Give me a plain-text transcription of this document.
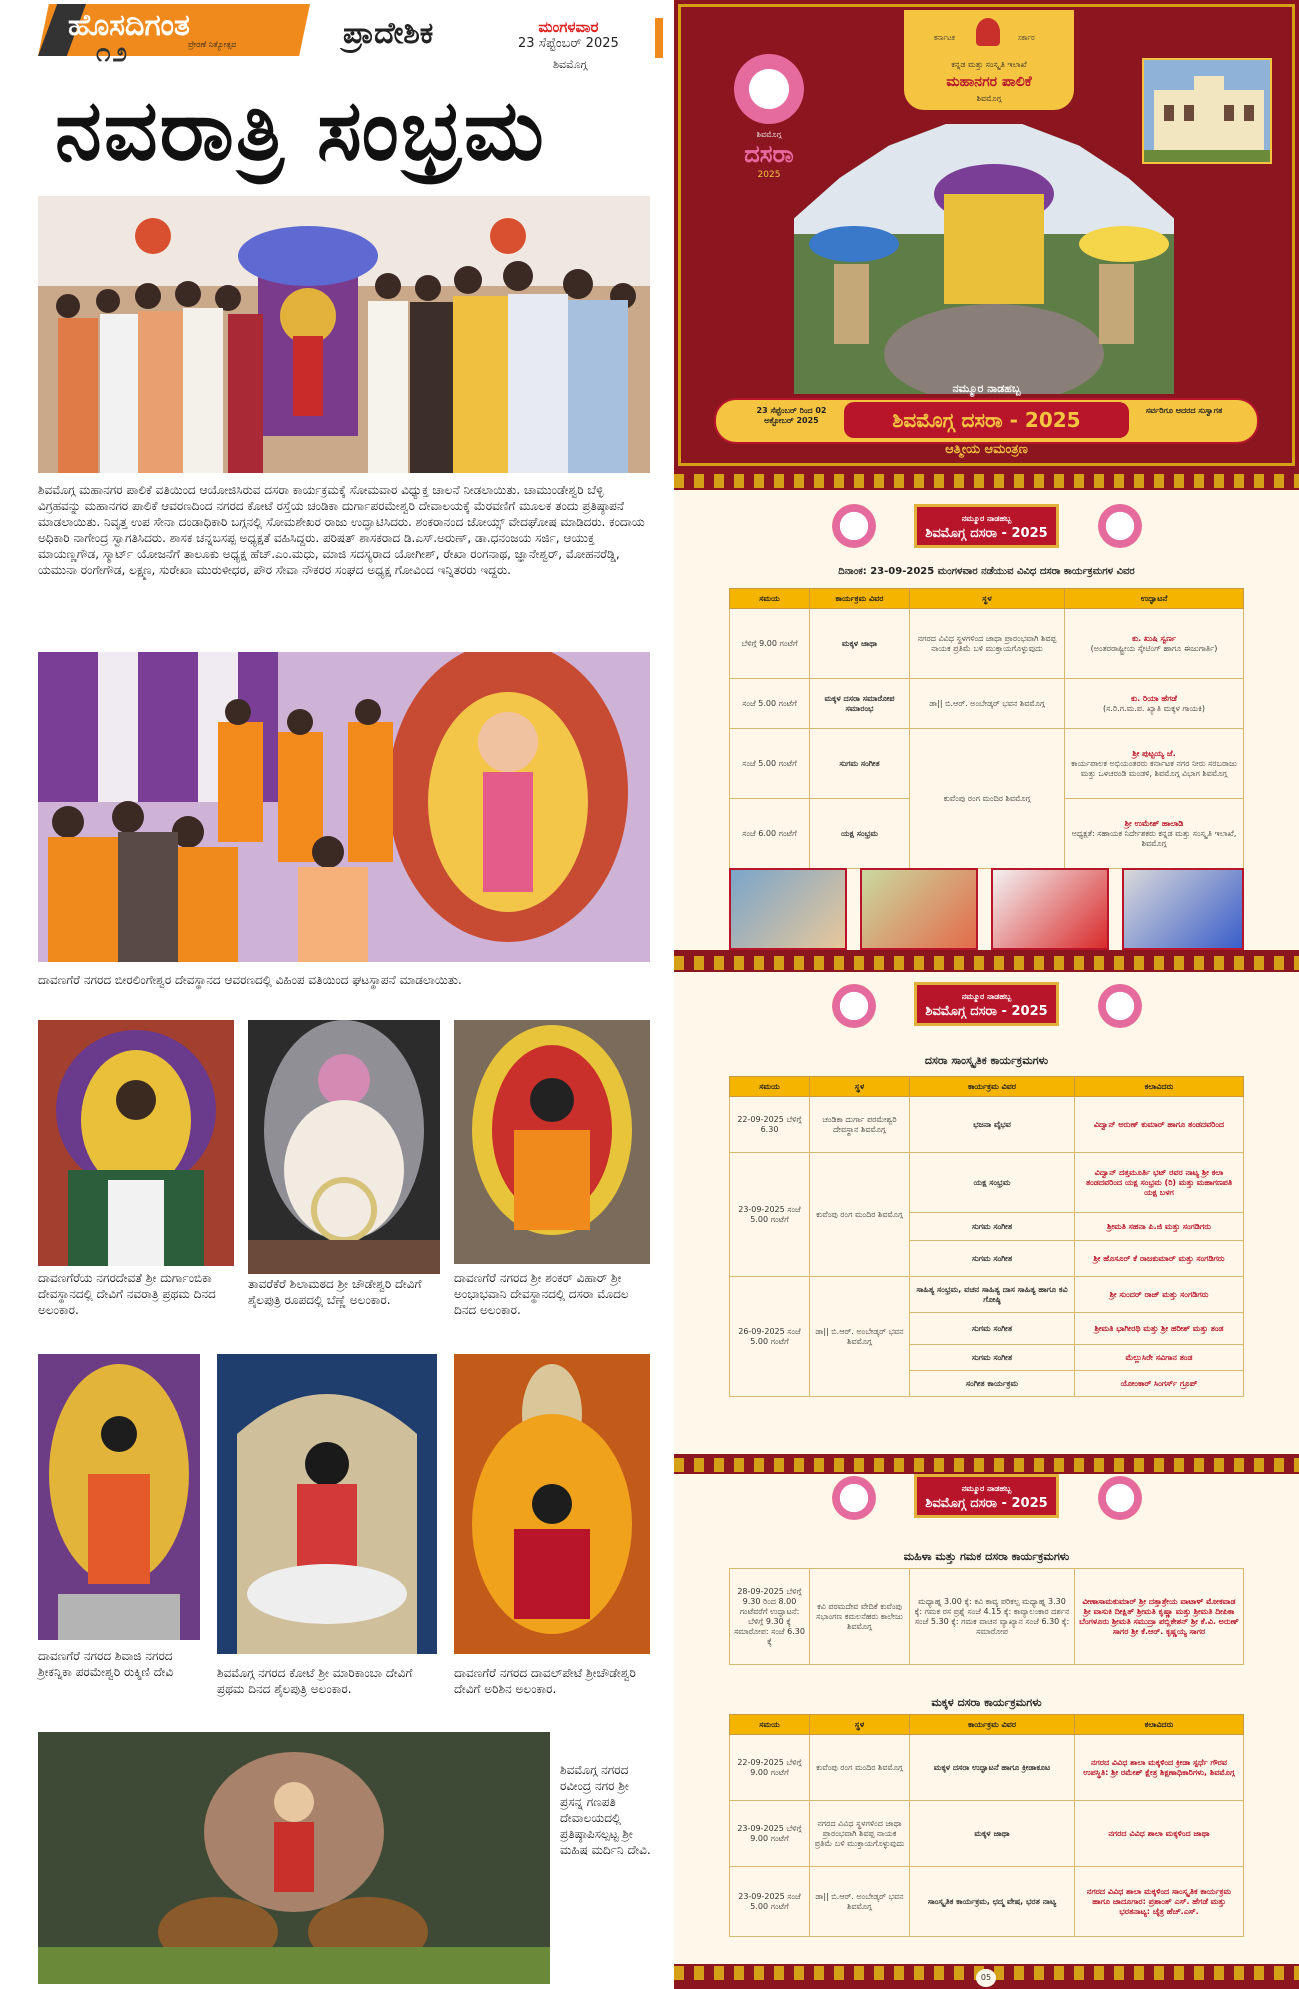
ಹೊಸದಿಗಂತ
ಪ್ರೇರಣೆ ನಿತ್ಯೋತ್ಸವ
೧೨
ಪ್ರಾದೇಶಿಕ	ಮಂಗಳವಾರ
23 ಸೆಪ್ಟೆಂಬರ್ 2025
ಶಿವಮೊಗ್ಗ
ನವರಾತ್ರಿ ಸಂಭ್ರಮ
ಶಿವಮೊಗ್ಗ ಮಹಾನಗರ ಪಾಲಿಕೆ ವತಿಯಿಂದ ಆಯೋಜಿಸಿರುವ ದಸರಾ ಕಾರ್ಯಕ್ರಮಕ್ಕೆ ಸೋಮವಾರ ವಿಧ್ಯುಕ್ತ ಚಾಲನೆ ನೀಡಲಾಯಿತು. ಚಾಮುಂಡೇಶ್ವರಿ ಬೆಳ್ಳಿ ವಿಗ್ರಹವನ್ನು ಮಹಾನಗರ ಪಾಲಿಕೆ ಆವರಣದಿಂದ ನಗರದ ಕೋಟೆ ರಸ್ತೆಯ ಚಂಡಿಕಾ ದುರ್ಗಾಪರಮೇಶ್ವರಿ ದೇವಾಲಯಕ್ಕೆ ಮೆರವಣಿಗೆ ಮೂಲಕ ತಂದು ಪ್ರತಿಷ್ಠಾಪನೆ ಮಾಡಲಾಯಿತು. ನಿವೃತ್ತ ಉಪ ಸೇನಾ ದಂಡಾಧಿಕಾರಿ ಬಗ್ಗನಲ್ಲಿ ಸೋಮಶೇಖರ ರಾಜು ಉದ್ಘಾಟಿಸಿದರು. ಶಂಕರಾನಂದ ಜೋಯ್ಸ್ ವೇದಘೋಷ ಮಾಡಿದರು. ಕಂದಾಯ ಅಧಿಕಾರಿ ನಾಗೇಂದ್ರ ಸ್ವಾಗತಿಸಿದರು. ಶಾಸಕ ಚನ್ನಬಸಪ್ಪ ಅಧ್ಯಕ್ಷತೆ ವಹಿಸಿದ್ದರು. ಪರಿಷತ್ ಶಾಸಕರಾದ ಡಿ.ಎಸ್.ಅರುಣ್, ಡಾ.ಧನಂಜಯ ಸರ್ಜಿ, ಆಯುಕ್ತ ಮಾಯಣ್ಣಗೌಡ, ಸ್ಮಾರ್ಟ್ ಯೋಜನೆಗೆ ತಾಲೂಕು ಅಧ್ಯಕ್ಷ ಹೆಚ್.ಎಂ.ಮಧು, ಮಾಜಿ ಸದಸ್ಯರಾದ ಯೋಗೀಶ್, ರೇಖಾ ರಂಗನಾಥ, ಜ್ಞಾನೇಶ್ವರ್, ಮೋಹನರೆಡ್ಡಿ, ಯಮುನಾ ರಂಗೇಗೌಡ, ಲಕ್ಷ್ಮಣ, ಸುರೇಖಾ ಮುರುಳೀಧರ, ಪೌರ ಸೇವಾ ನೌಕರರ ಸಂಘದ ಅಧ್ಯಕ್ಷ ಗೋವಿಂದ ಇನ್ನಿತರರು ಇದ್ದರು.
ದಾವಣಗೆರೆ ನಗರದ ಬೀರಲಿಂಗೇಶ್ವರ ದೇವಸ್ಥಾನದ ಆವರಣದಲ್ಲಿ ವಿಹಿಂಪ ವತಿಯಿಂದ ಘಟಸ್ಥಾಪನೆ ಮಾಡಲಾಯಿತು.
ದಾವಣಗೆರೆಯ ನಗರದೇವತೆ ಶ್ರೀ ದುರ್ಗಾಂಬಿಕಾ ದೇವಸ್ಥಾನದಲ್ಲಿ ದೇವಿಗೆ ನವರಾತ್ರಿ ಪ್ರಥಮ ದಿನದ ಅಲಂಕಾರ.
ತಾವರೆಕೆರೆ ಶಿಲಾಮಠದ ಶ್ರೀ ಚೌಡೇಶ್ವರಿ ದೇವಿಗೆ ಶೈಲಪುತ್ರಿ ರೂಪದಲ್ಲಿ ಬೆಣ್ಣೆ ಅಲಂಕಾರ.
ದಾವಣಗೆರೆ ನಗರದ ಶ್ರೀ ಶಂಕರ್ ವಿಹಾರ್ ಶ್ರೀ ಅಂಭಾಭವಾನಿ ದೇವಸ್ಥಾನದಲ್ಲಿ ದಸರಾ ಮೊದಲ ದಿನದ ಅಲಂಕಾರ.
ದಾವಣಗೆರೆ ನಗರದ ಶಿವಾಜಿ ನಗರದ ಶ್ರೀಕನ್ನಿಕಾ ಪರಮೇಶ್ವರಿ ರುಕ್ಮಿಣಿ ದೇವಿ	ಶಿವಮೊಗ್ಗ ನಗರದ ಕೋಟೆ ಶ್ರೀ ಮಾರಿಕಾಂಬಾ ದೇವಿಗೆ ಪ್ರಥಮ ದಿನದ ಶೈಲಪುತ್ರಿ ಅಲಂಕಾರ.
ದಾವಣಗೆರೆ ನಗರದ ದಾವಲ್‌ಪೇಟೆ ಶ್ರೀಚೌಡೇಶ್ವರಿ ದೇವಿಗೆ ಅರಿಶಿನ ಅಲಂಕಾರ.
ಶಿವಮೊಗ್ಗ ನಗರದ ರವೀಂದ್ರ ನಗರ ಶ್ರೀ ಪ್ರಸನ್ನ ಗಣಪತಿ ದೇವಾಲಯದಲ್ಲಿ ಪ್ರತಿಷ್ಠಾಪಿಸಲ್ಪಟ್ಟ ಶ್ರೀ ಮಹಿಷ ಮರ್ದಿನಿ ದೇವಿ.
ಕರ್ನಾಟಕ	ಸರ್ಕಾರ
ಕನ್ನಡ ಮತ್ತು ಸಂಸ್ಕೃತಿ ಇಲಾಖೆ
ಮಹಾನಗರ ಪಾಲಿಕೆ
ಶಿವಮೊಗ್ಗ
ಶಿವಮೊಗ್ಗ
ದಸರಾ
2025
ನಮ್ಮೂರ ನಾಡಹಬ್ಬ
ಶಿವಮೊಗ್ಗ ದಸರಾ - 2025
23 ಸೆಪ್ಟೆಂಬರ್ ರಿಂದ 02 ಅಕ್ಟೋಬರ್ 2025
ಸರ್ವರಿಗೂ ಆದರದ ಸುಸ್ವಾಗತ
ಆತ್ಮೀಯ ಆಮಂತ್ರಣ
ನಮ್ಮೂರ ನಾಡಹಬ್ಬ
ಶಿವಮೊಗ್ಗ ದಸರಾ - 2025
ದಿನಾಂಕ: 23-09-2025 ಮಂಗಳವಾರ ನಡೆಯುವ ವಿವಿಧ ದಸರಾ ಕಾರ್ಯಕ್ರಮಗಳ ವಿವರ
ಸಮಯ	ಕಾರ್ಯಕ್ರಮ ವಿವರ	ಸ್ಥಳ	ಉದ್ಘಾಟನೆ
ಬೆಳಿಗ್ಗೆ 9.00 ಗಂಟೆಗೆ	ಮಕ್ಕಳ ಜಾಥಾ	ನಗರದ ವಿವಿಧ ಸ್ಥಳಗಳಿಂದ ಜಾಥಾ ಪ್ರಾರಂಭವಾಗಿ ಶಿವಪ್ಪ ನಾಯಕ ಪ್ರತಿಮೆ ಬಳಿ ಮುಕ್ತಾಯಗೊಳ್ಳುವುದು	ಕು. ಖುಷಿ ಸ್ವರ್ಣ
(ಅಂತರರಾಷ್ಟ್ರೀಯ ಸ್ಕೇಟಿಂಗ್ ಹಾಗೂ ಈಜುಗಾರ್ತಿ)

ಸಂಜೆ 5.00 ಗಂಟೆಗೆ	ಮಕ್ಕಳ ದಸರಾ ಸಮಾರೋಪ ಸಮಾರಂಭ	ಡಾ|| ಬಿ.ಆರ್. ಅಂಬೇಡ್ಕರ್ ಭವನ ಶಿವಮೊಗ್ಗ	ಕು. ರಿಯಾ ಹೆಗಡೆ
(ಸ.ರಿ.ಗ.ಮ.ಪ. ಖ್ಯಾತಿ ಮಕ್ಕಳ ಗಾಯಕಿ)

ಸಂಜೆ 5.00 ಗಂಟೆಗೆ	ಸುಗಮ ಸಂಗೀತ	ಕುವೆಂಪು ರಂಗ ಮಂದಿರ ಶಿವಮೊಗ್ಗ	ಶ್ರೀ ಪುಟ್ಟಯ್ಯ ಜೆ.
ಕಾರ್ಯಪಾಲಕ ಅಭಿಯಂತರರು ಕರ್ನಾಟಕ ನಗರ ನೀರು ಸರಬರಾಜು ಮತ್ತು ಒಳಚರಂಡಿ ಮಂಡಳಿ, ಶಿವಮೊಗ್ಗ ವಿಭಾಗ ಶಿವಮೊಗ್ಗ

ಸಂಜೆ 6.00 ಗಂಟೆಗೆ	ಯಕ್ಷ ಸಂಭ್ರಮ		ಶ್ರೀ ಉಮೇಶ್ ಹಾಲಾಡಿ
ಅಧ್ಯಕ್ಷತೆ: ಸಹಾಯಕ ನಿರ್ದೇಶಕರು ಕನ್ನಡ ಮತ್ತು ಸಂಸ್ಕೃತಿ ಇಲಾಖೆ, ಶಿವಮೊಗ್ಗ
ನಮ್ಮೂರ ನಾಡಹಬ್ಬ
ಶಿವಮೊಗ್ಗ ದಸರಾ - 2025
ದಸರಾ ಸಾಂಸ್ಕೃತಿಕ ಕಾರ್ಯಕ್ರಮಗಳು
ಸಮಯ	ಸ್ಥಳ	ಕಾರ್ಯಕ್ರಮ ವಿವರ	ಕಲಾವಿದರು
22-09-2025 ಬೆಳಿಗ್ಗೆ 6.30	ಚಂಡಿಕಾ ದುರ್ಗಾ ಪರಮೇಶ್ವರಿ ದೇವಸ್ಥಾನ ಶಿವಮೊಗ್ಗ	ಭಜನಾ ವೈಭವ	ವಿದ್ವಾನ್ ಅರುಣ್ ಕುಮಾರ್ ಹಾಗೂ ತಂಡದವರಿಂದ
23-09-2025 ಸಂಜೆ 5.00 ಗಂಟೆಗೆ	ಕುವೆಂಪು ರಂಗ ಮಂದಿರ ಶಿವಮೊಗ್ಗ	ಯಕ್ಷ ಸಂಭ್ರಮ	ವಿದ್ವಾನ್ ದತ್ತಮೂರ್ತಿ ಭಟ್ ರವರ ನಾಟ್ಯ ಶ್ರೀ ಕಲಾ ತಂಡದವರಿಂದ ಯಕ್ಷ ಸಂಭ್ರಮ (ರಿ) ಮತ್ತು ಮಹಾಗಣಪತಿ ಯಕ್ಷ ಬಳಗ
		ಸುಗಮ ಸಂಗೀತ	ಶ್ರೀಮತಿ ಸಹನಾ ಪಿ.ಜಿ ಮತ್ತು ಸಂಗಡಿಗರು
		ಸುಗಮ ಸಂಗೀತ	ಶ್ರೀ ಹೊಸೂರ್ ಕೆ ರಾಜಕುಮಾರ್ ಮತ್ತು ಸಂಗಡಿಗರು
26-09-2025 ಸಂಜೆ 5.00 ಗಂಟೆಗೆ	ಡಾ|| ಬಿ.ಆರ್. ಅಂಬೇಡ್ಕರ್ ಭವನ ಶಿವಮೊಗ್ಗ	ಸಾಹಿತ್ಯ ಸಂಭ್ರಮ, ವಚನ ಸಾಹಿತ್ಯ ದಾಸ ಸಾಹಿತ್ಯ ಹಾಗೂ ಕವಿ ಗೋಷ್ಠಿ	ಶ್ರೀ ಸುಂದರ್ ರಾಜ್ ಮತ್ತು ಸಂಗಡಿಗರು
		ಸುಗಮ ಸಂಗೀತ	ಶ್ರೀಮತಿ ಭಾಗೀರಥಿ ಮತ್ತು ಶ್ರೀ ಹರೀಶ್ ಮತ್ತು ತಂಡ
		ಸುಗಮ ಸಂಗೀತ	ಮೆಲ್ಲುಸಿರೇ ಸವಿಗಾನ ತಂಡ
		ಸಂಗೀತ ಕಾರ್ಯಕ್ರಮ	ಯೋಂಕಾರ್ ಸಿಂಗರ್ಸ್ ಗ್ರೂಪ್
ನಮ್ಮೂರ ನಾಡಹಬ್ಬ
ಶಿವಮೊಗ್ಗ ದಸರಾ - 2025
ಮಹಿಳಾ ಮತ್ತು ಗಮಕ ದಸರಾ ಕಾರ್ಯಕ್ರಮಗಳು
28-09-2025 ಬೆಳಿಗ್ಗೆ 9.30 ರಿಂದ 8.00 ಗಂಟೆವರೆಗೆ ಉದ್ಘಾಟನೆ: ಬೆಳಿಗ್ಗೆ 9.30 ಕ್ಕೆ ಸಮಾರೋಪ: ಸಂಜೆ 6.30 ಕ್ಕೆ	ಕವಿ ಪರಮದೇವ ವೇದಿಕೆ ಕುವೆಂಪು ಸಭಾಂಗಣ ಕಮಲನೆಹರು ಕಾಲೇಜು ಶಿವಮೊಗ್ಗ	ಮಧ್ಯಾಹ್ನ 3.00 ಕ್ಕೆ: ಕವಿ ಕಾವ್ಯ ಪರಿಕಲ್ಪ ಮಧ್ಯಾಹ್ನ 3.30 ಕ್ಕೆ: ಗಮಕ ರಸ ಪ್ರಶ್ನೆ ಸಂಜೆ 4.15 ಕ್ಕೆ: ಕಾವ್ಯಾಲಂಕಾರ ದರ್ಶನ ಸಂಜೆ 5.30 ಕ್ಕೆ: ಗಮಕ ವಾಚನ ವ್ಯಾಖ್ಯಾನ ಸಂಜೆ 6.30 ಕ್ಕೆ: ಸಮಾರೋಪ	ವೀಣಾಸಾಮಕುಮಾರ್ ಶ್ರೀ ದತ್ತಾತ್ರೇಯ ವಾಟಾಳ್ ಮೋಕವಾಡ ಶ್ರೀ ವಾಸುಕಿ ದೀಕ್ಷಿತ್ ಶ್ರೀಮತಿ ಕೃಷ್ಣಾ ಮತ್ತು ಶ್ರೀಮತಿ ದೀಪಿಕಾ ಬೆಂಗಳೂರು ಶ್ರೀಮತಿ ಸಮುದ್ರಾ ಪಬ್ಲಿಕೇಶನ್ ಶ್ರೀ ಕೆ.ವಿ. ಅರುಣ್ ಸಾಗರ ಶ್ರೀ ಕೆ.ಆರ್. ಕೃಷ್ಣಯ್ಯ ಸಾಗರ
ಮಕ್ಕಳ ದಸರಾ ಕಾರ್ಯಕ್ರಮಗಳು
ಸಮಯ	ಸ್ಥಳ	ಕಾರ್ಯಕ್ರಮ ವಿವರ	ಕಲಾವಿದರು
22-09-2025 ಬೆಳಿಗ್ಗೆ 9.00 ಗಂಟೆಗೆ	ಕುವೆಂಪು ರಂಗ ಮಂದಿರ ಶಿವಮೊಗ್ಗ	ಮಕ್ಕಳ ದಸರಾ ಉದ್ಘಾಟನೆ ಹಾಗೂ ಕ್ರೀಡಾಕೂಟ	ನಗರದ ವಿವಿಧ ಶಾಲಾ ಮಕ್ಕಳಿಂದ ಕ್ರೀಡಾ ಸ್ಪರ್ಧೆ ಗೌರವ ಉಪಸ್ಥಿತಿ: ಶ್ರೀ ರಮೇಶ್ ಕ್ಷೇತ್ರ ಶಿಕ್ಷಣಾಧಿಕಾರಿಗಳು, ಶಿವಮೊಗ್ಗ
23-09-2025 ಬೆಳಿಗ್ಗೆ 9.00 ಗಂಟೆಗೆ	ನಗರದ ವಿವಿಧ ಸ್ಥಳಗಳಿಂದ ಜಾಥಾ ಪ್ರಾರಂಭವಾಗಿ ಶಿವಪ್ಪ ನಾಯಕ ಪ್ರತಿಮೆ ಬಳಿ ಮುಕ್ತಾಯಗೊಳ್ಳುವುದು	ಮಕ್ಕಳ ಜಾಥಾ	ನಗರದ ವಿವಿಧ ಶಾಲಾ ಮಕ್ಕಳಿಂದ ಜಾಥಾ
23-09-2025 ಸಂಜೆ 5.00 ಗಂಟೆಗೆ	ಡಾ|| ಬಿ.ಆರ್. ಅಂಬೇಡ್ಕರ್ ಭವನ ಶಿವಮೊಗ್ಗ	ಸಾಂಸ್ಕೃತಿಕ ಕಾರ್ಯಕ್ರಮ, ಛದ್ಮ ವೇಷ, ಭರತ ನಾಟ್ಯ	ನಗರದ ವಿವಿಧ ಶಾಲಾ ಮಕ್ಕಳಿಂದ ಸಾಂಸ್ಕೃತಿಕ ಕಾರ್ಯಕ್ರಮ ಹಾಗೂ ಜಾದೂಗಾರ: ಪ್ರಶಾಂತ್ ಎಸ್. ಹೆಗಡೆ ಮತ್ತು ಭರತನಾಟ್ಯ: ಚೈತ್ರ ಹೆಚ್.ಎಸ್.
05
